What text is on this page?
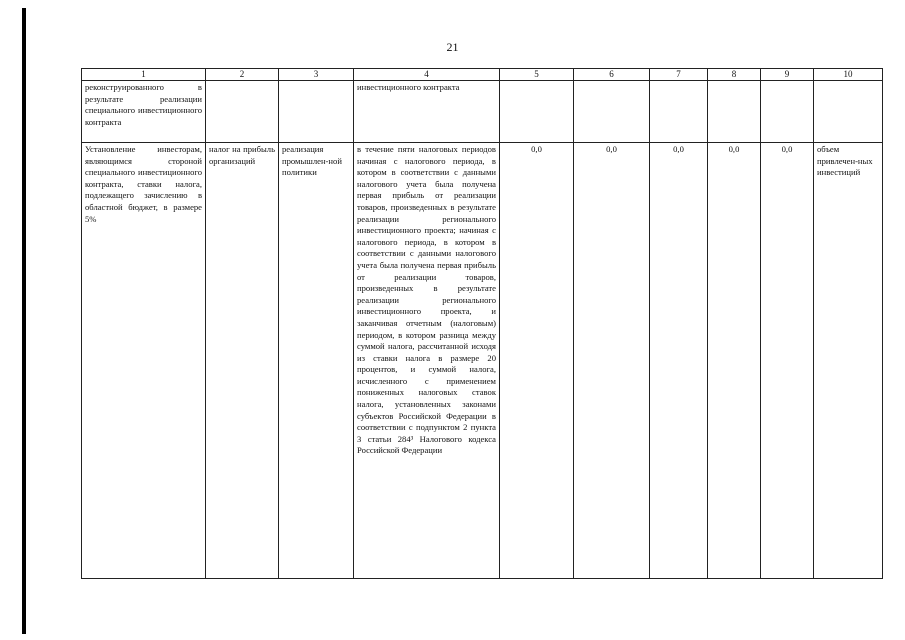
21
1	2	3	4	5	6	7	8	9	10
реконструированного в результате реализации специального инвестиционного контракта			инвестиционного контракта						
Установление инвесторам, являющимся стороной специального инвестиционного контракта, ставки налога, подлежащего зачислению в областной бюджет, в размере 5%	налог на прибыль организаций	реализация промышлен-ной политики	в течение пяти налоговых периодов начиная с налогового периода, в котором в соответствии с данными налогового учета была получена первая прибыль от реализации товаров, произведенных в результате реализации регионального инвестиционного проекта; начиная с налогового периода, в котором в соответствии с данными налогового учета была получена первая прибыль от реализации товаров, произведенных в результате реализации регионального инвестиционного проекта, и заканчивая отчетным (налоговым) периодом, в котором разница между суммой налога, рассчитанной исходя из ставки налога в размере 20 процентов, и суммой налога, исчисленного с применением пониженных налоговых ставок налога, установленных законами субъектов Российской Федерации в соответствии с подпунктом 2 пункта 3 статьи 284³ Налогового кодекса Российской Федерации	0,0	0,0	0,0	0,0	0,0	объем привлечен-ных инвестиций
